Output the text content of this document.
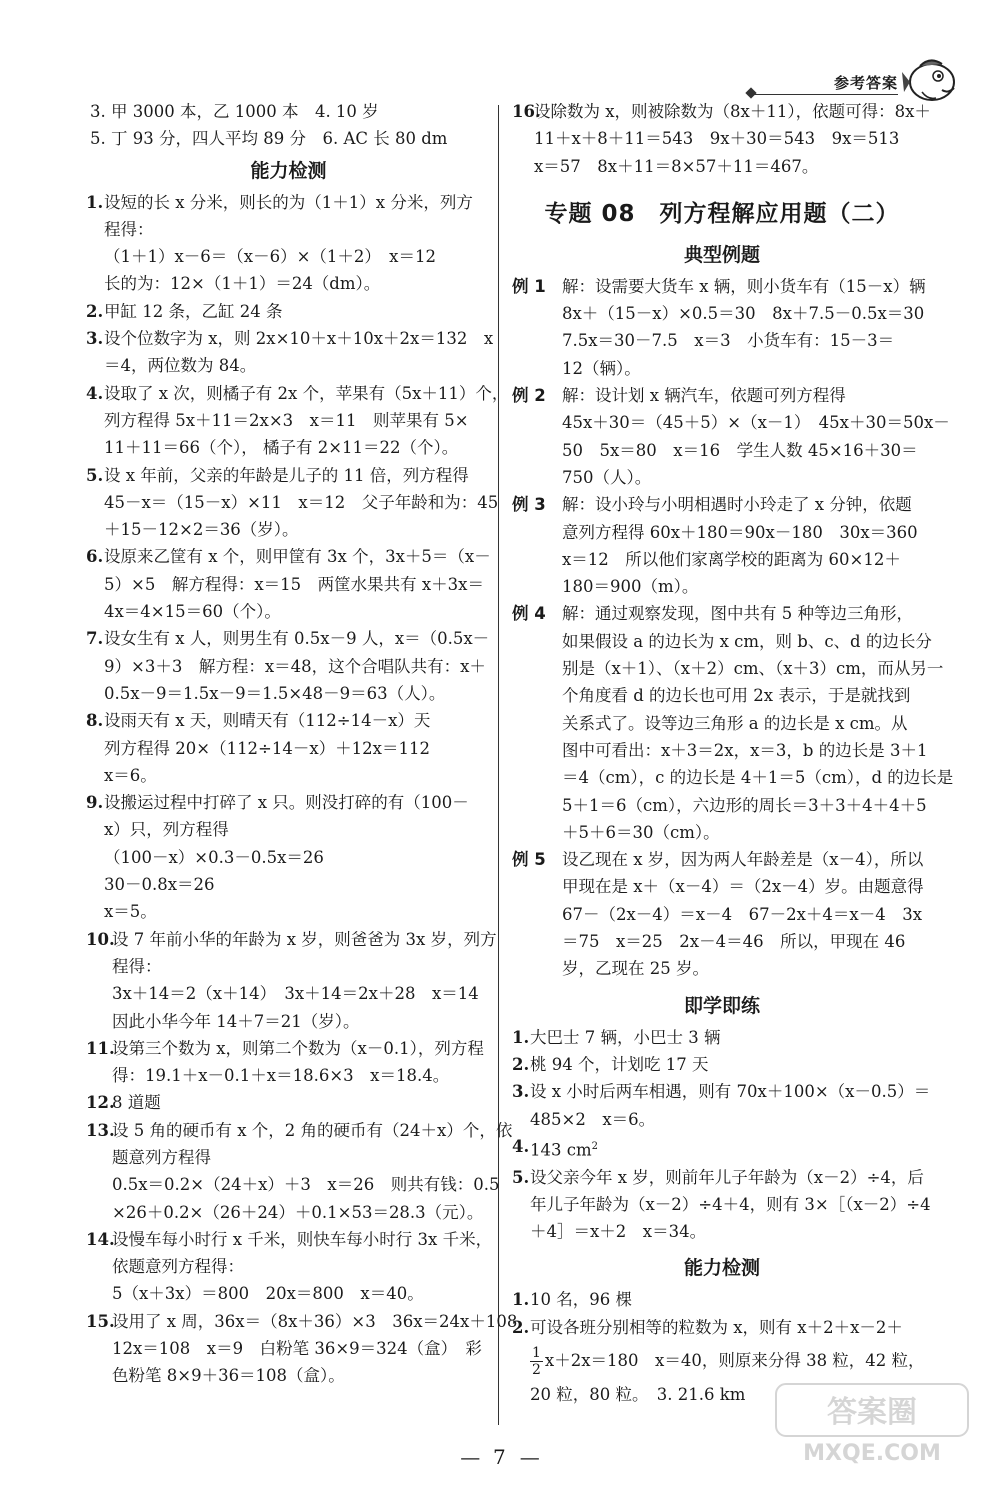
参考答案
3. 甲 3000 本，乙 1000 本　4. 10 岁
5. 丁 93 分，四人平均 89 分　6. AC 长 80 dm
能力检测
1. 设短的长 x 分米，则长的为（1＋1）x 分米，列方
程得：
（1＋1）x－6＝（x－6）×（1＋2）　x＝12
长的为：12×（1＋1）＝24（dm）。
2. 甲缸 12 条，乙缸 24 条
3. 设个位数字为 x，则 2x×10＋x＋10x＋2x＝132　x
＝4，两位数为 84。
4. 设取了 x 次，则橘子有 2x 个，苹果有（5x＋11）个，
列方程得 5x＋11＝2x×3　x＝11　则苹果有 5×
11＋11＝66（个）， 橘子有 2×11＝22（个）。
5. 设 x 年前，父亲的年龄是儿子的 11 倍，列方程得
45－x＝（15－x）×11　x＝12　父子年龄和为：45
＋15－12×2＝36（岁）。
6. 设原来乙筐有 x 个，则甲筐有 3x 个，3x＋5＝（x－
5）×5　解方程得：x＝15　两筐水果共有 x＋3x＝
4x＝4×15＝60（个）。
7. 设女生有 x 人，则男生有 0.5x－9 人，x＝（0.5x－
9）×3＋3　解方程：x＝48，这个合唱队共有：x＋
0.5x－9＝1.5x－9＝1.5×48－9＝63（人）。
8. 设雨天有 x 天，则晴天有（112÷14－x）天
列方程得 20×（112÷14－x）＋12x＝112
x＝6。
9. 设搬运过程中打碎了 x 只。则没打碎的有（100－
x）只，列方程得
（100－x）×0.3－0.5x＝26
30－0.8x＝26
x＝5。
10.
设 7 年前小华的年龄为 x 岁，则爸爸为 3x 岁，列方
程得：
3x＋14＝2（x＋14）　3x＋14＝2x＋28　x＝14
因此小华今年 14＋7＝21（岁）。
11.
设第三个数为 x，则第二个数为（x－0.1），列方程
得：19.1＋x－0.1＋x＝18.6×3　x＝18.4。
12.
8 道题
13.
设 5 角的硬币有 x 个，2 角的硬币有（24＋x）个，依
题意列方程得
0.5x＝0.2×（24＋x）＋3　x＝26　则共有钱：0.5
×26＋0.2×（26＋24）＋0.1×53＝28.3（元）。
14.
设慢车每小时行 x 千米，则快车每小时行 3x 千米，
依题意列方程得：
5（x＋3x）＝800　20x＝800　x＝40。
15.
设用了 x 周，36x＝（8x＋36）×3　36x＝24x＋108
12x＝108　x＝9　白粉笔 36×9＝324（盒）　彩
色粉笔 8×9＋36＝108（盒）。
16.
设除数为 x，则被除数为（8x＋11），依题可得：8x＋
11＋x＋8＋11＝543　9x＋30＝543　9x＝513
x＝57　8x＋11＝8×57＋11＝467。
专题 08　列方程解应用题（二）
典型例题
例 1 解：设需要大货车 x 辆，则小货车有（15－x）辆
8x＋（15－x）×0.5＝30　8x＋7.5－0.5x＝30
7.5x＝30－7.5　x＝3　小货车有：15－3＝
12（辆）。
例 2 解：设计划 x 辆汽车，依题可列方程得
45x＋30＝（45＋5）×（x－1）　45x＋30＝50x－
50　5x＝80　x＝16　学生人数 45×16＋30＝
750（人）。
例 3 解：设小玲与小明相遇时小玲走了 x 分钟，依题
意列方程得 60x＋180＝90x－180　30x＝360
x＝12　所以他们家离学校的距离为 60×12＋
180＝900（m）。
例 4 解：通过观察发现，图中共有 5 种等边三角形，
如果假设 a 的边长为 x cm，则 b、c、d 的边长分
别是（x＋1）、（x＋2）cm、（x＋3）cm，而从另一
个角度看 d 的边长也可用 2x 表示，于是就找到
关系式了。设等边三角形 a 的边长是 x cm。从
图中可看出：x＋3＝2x，x＝3，b 的边长是 3＋1
＝4（cm），c 的边长是 4＋1＝5（cm），d 的边长是
5＋1＝6（cm），六边形的周长＝3＋3＋4＋4＋5
＋5＋6＝30（cm）。
例 5 设乙现在 x 岁，因为两人年龄差是（x－4），所以
甲现在是 x＋（x－4）＝（2x－4）岁。由题意得
67－（2x－4）＝x－4　67－2x＋4＝x－4　3x
＝75　x＝25　2x－4＝46　所以，甲现在 46
岁，乙现在 25 岁。
即学即练
1. 大巴士 7 辆，小巴士 3 辆
2. 桃 94 个，计划吃 17 天
3. 设 x 小时后两车相遇，则有 70x＋100×（x－0.5）＝
485×2　x＝6。
4. 143 $cm^2$
5. 设父亲今年 x 岁，则前年儿子年龄为（x－2）÷4，后
年儿子年龄为（x－2）÷4＋4，则有 3×［（x－2）÷4
＋4］＝x＋2　x＝34。
能力检测
1. 10 名，96 棵
2. 可设各班分别相等的粒数为 x，则有 x＋2＋x－2＋
$\frac{1}{2} x+2x=180$　x＝40，则原来分得 38 粒，42 粒，
20 粒，80 粒。　3. 21.6 km
—  7—
答案圈
MXQE.COM
